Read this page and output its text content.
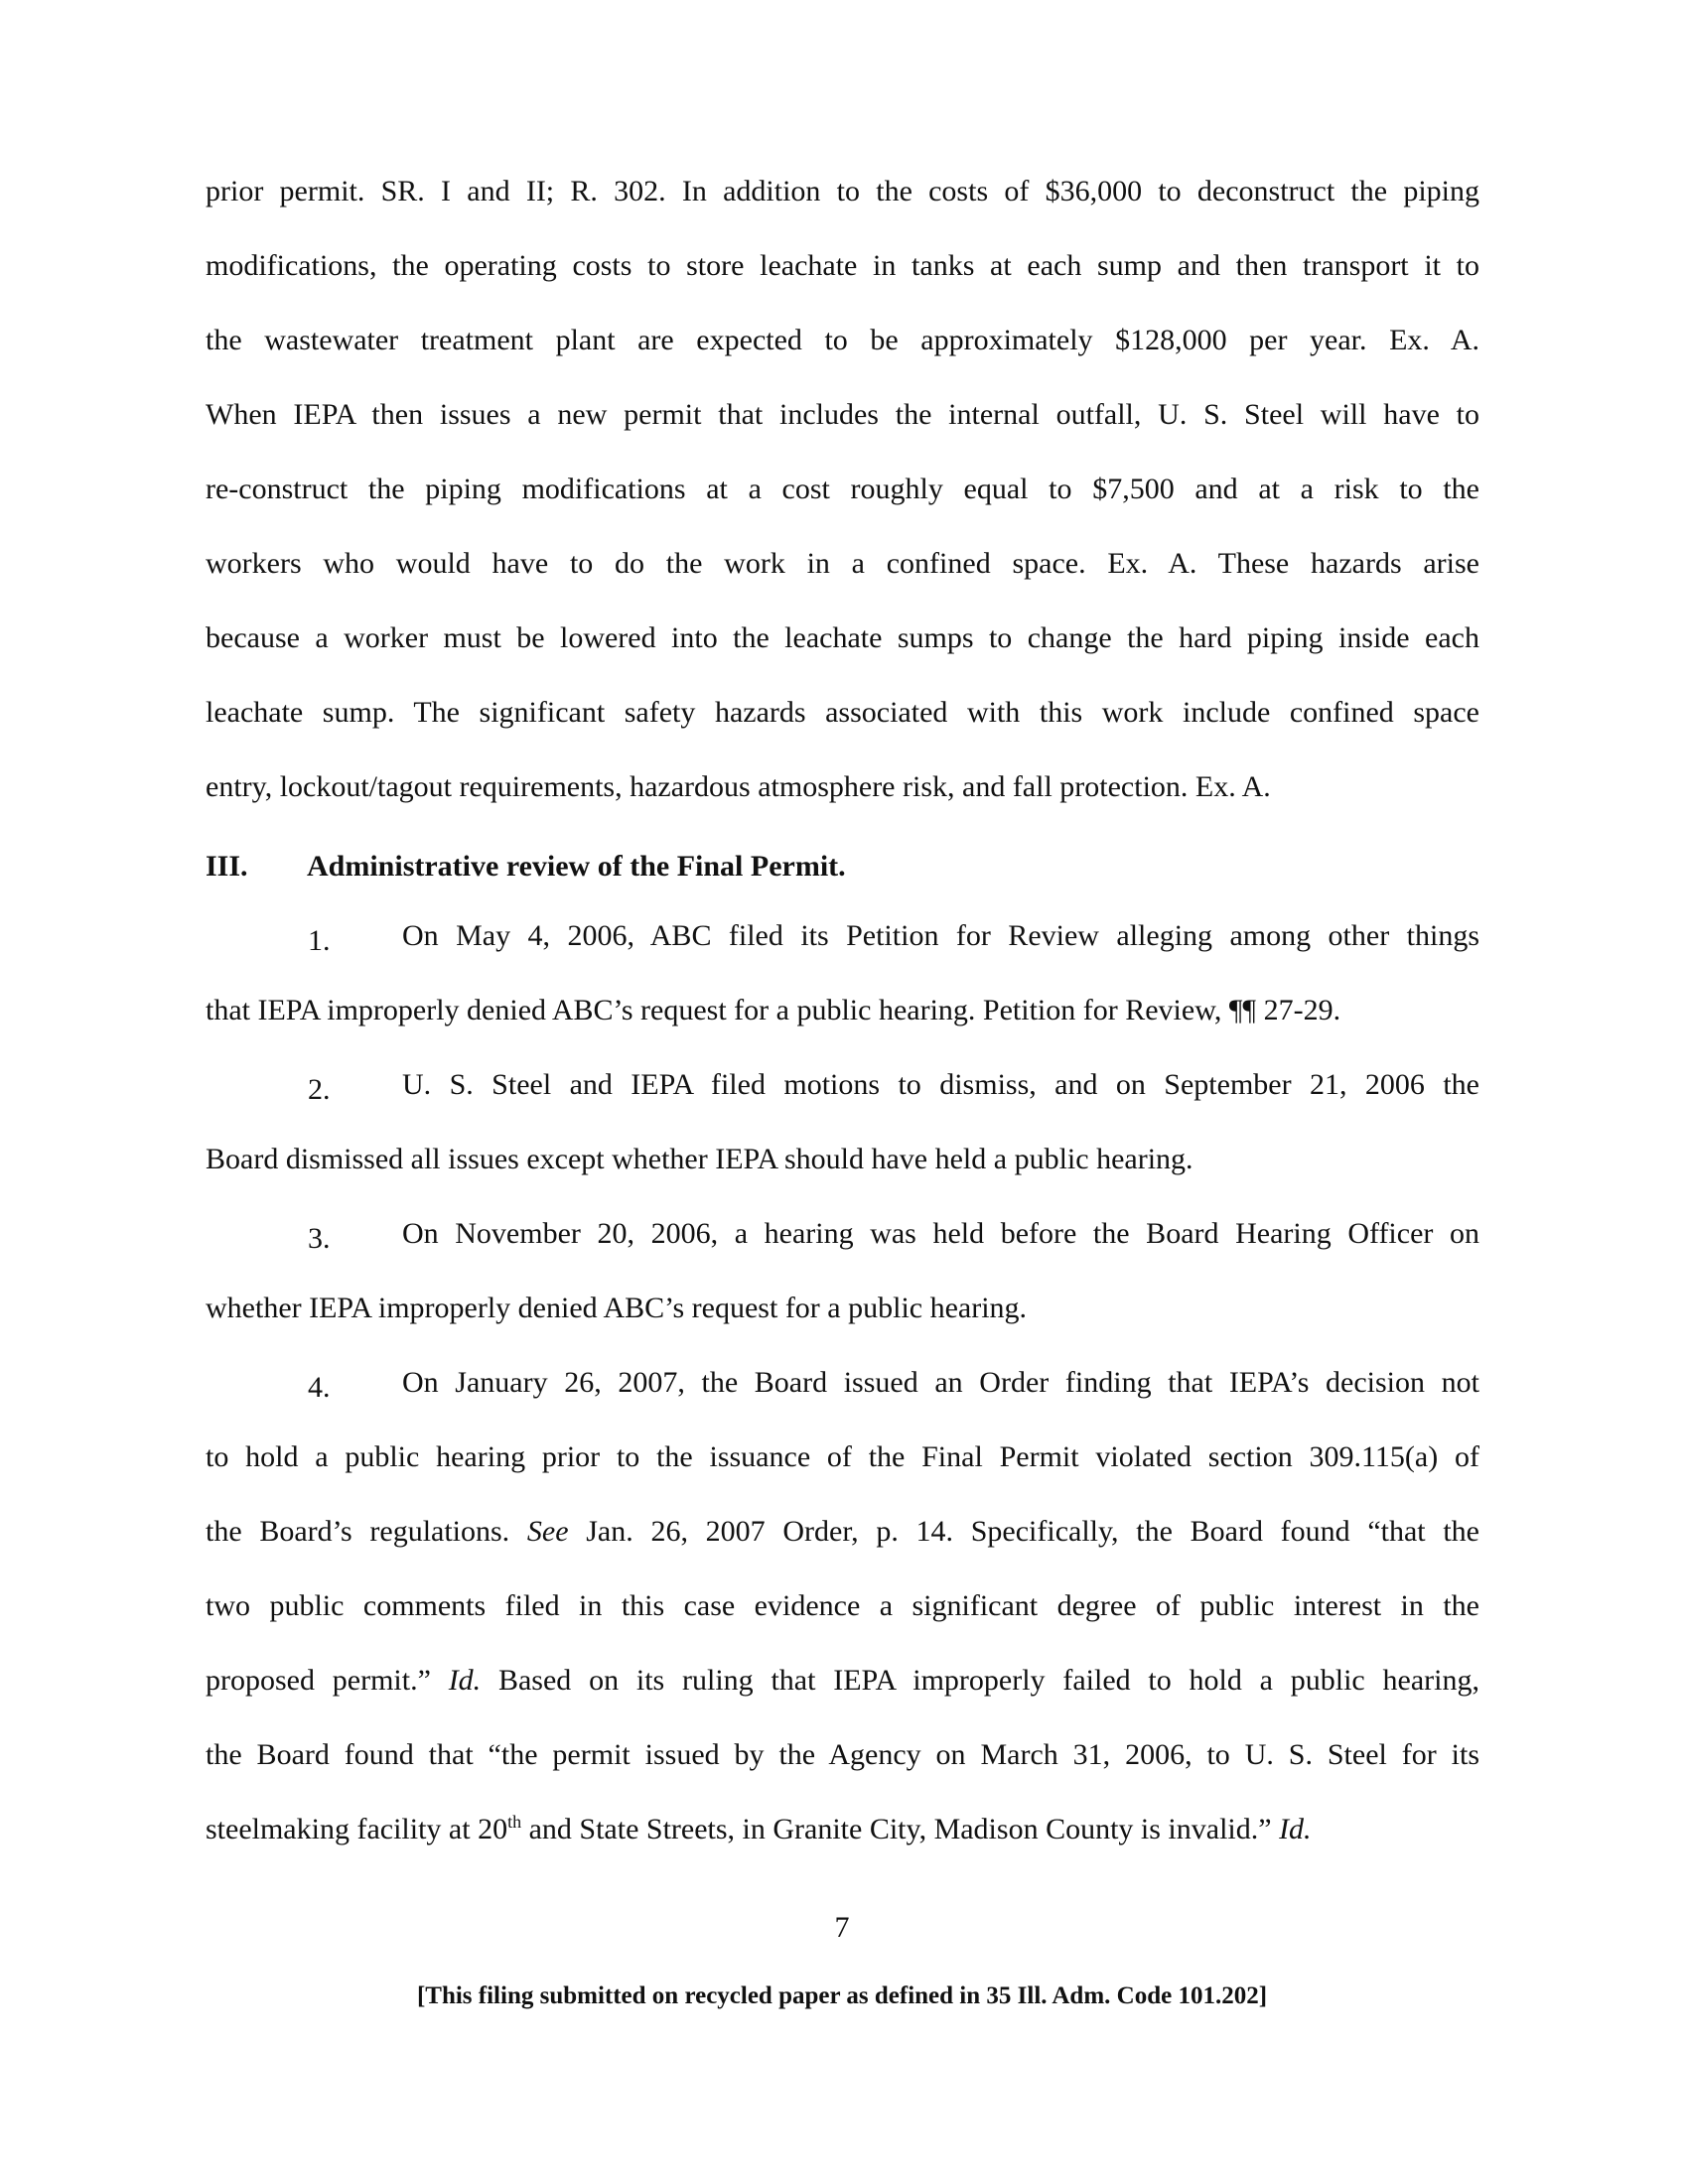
prior permit. SR. I and II; R. 302. In addition to the costs of $36,000 to deconstruct the piping
modifications, the operating costs to store leachate in tanks at each sump and then transport it to
the wastewater treatment plant are expected to be approximately $128,000 per year. Ex. A.
When IEPA then issues a new permit that includes the internal outfall, U. S. Steel will have to
re-construct the piping modifications at a cost roughly equal to $7,500 and at a risk to the
workers who would have to do the work in a confined space. Ex. A. These hazards arise
because a worker must be lowered into the leachate sumps to change the hard piping inside each
leachate sump. The significant safety hazards associated with this work include confined space
entry, lockout/tagout requirements, hazardous atmosphere risk, and fall protection. Ex. A.
III. Administrative review of the Final Permit.
1. On May 4, 2006, ABC filed its Petition for Review alleging among other things
that IEPA improperly denied ABC’s request for a public hearing. Petition for Review, ¶¶ 27-29.
2. U. S. Steel and IEPA filed motions to dismiss, and on September 21, 2006 the
Board dismissed all issues except whether IEPA should have held a public hearing.
3. On November 20, 2006, a hearing was held before the Board Hearing Officer on
whether IEPA improperly denied ABC’s request for a public hearing.
4. On January 26, 2007, the Board issued an Order finding that IEPA’s decision not
to hold a public hearing prior to the issuance of the Final Permit violated section 309.115(a) of
the Board’s regulations. See Jan. 26, 2007 Order, p. 14. Specifically, the Board found “that the
two public comments filed in this case evidence a significant degree of public interest in the
proposed permit.” Id. Based on its ruling that IEPA improperly failed to hold a public hearing,
the Board found that “the permit issued by the Agency on March 31, 2006, to U. S. Steel for its
steelmaking facility at 20th and State Streets, in Granite City, Madison County is invalid.” Id.
7
[This filing submitted on recycled paper as defined in 35 Ill. Adm. Code 101.202]
